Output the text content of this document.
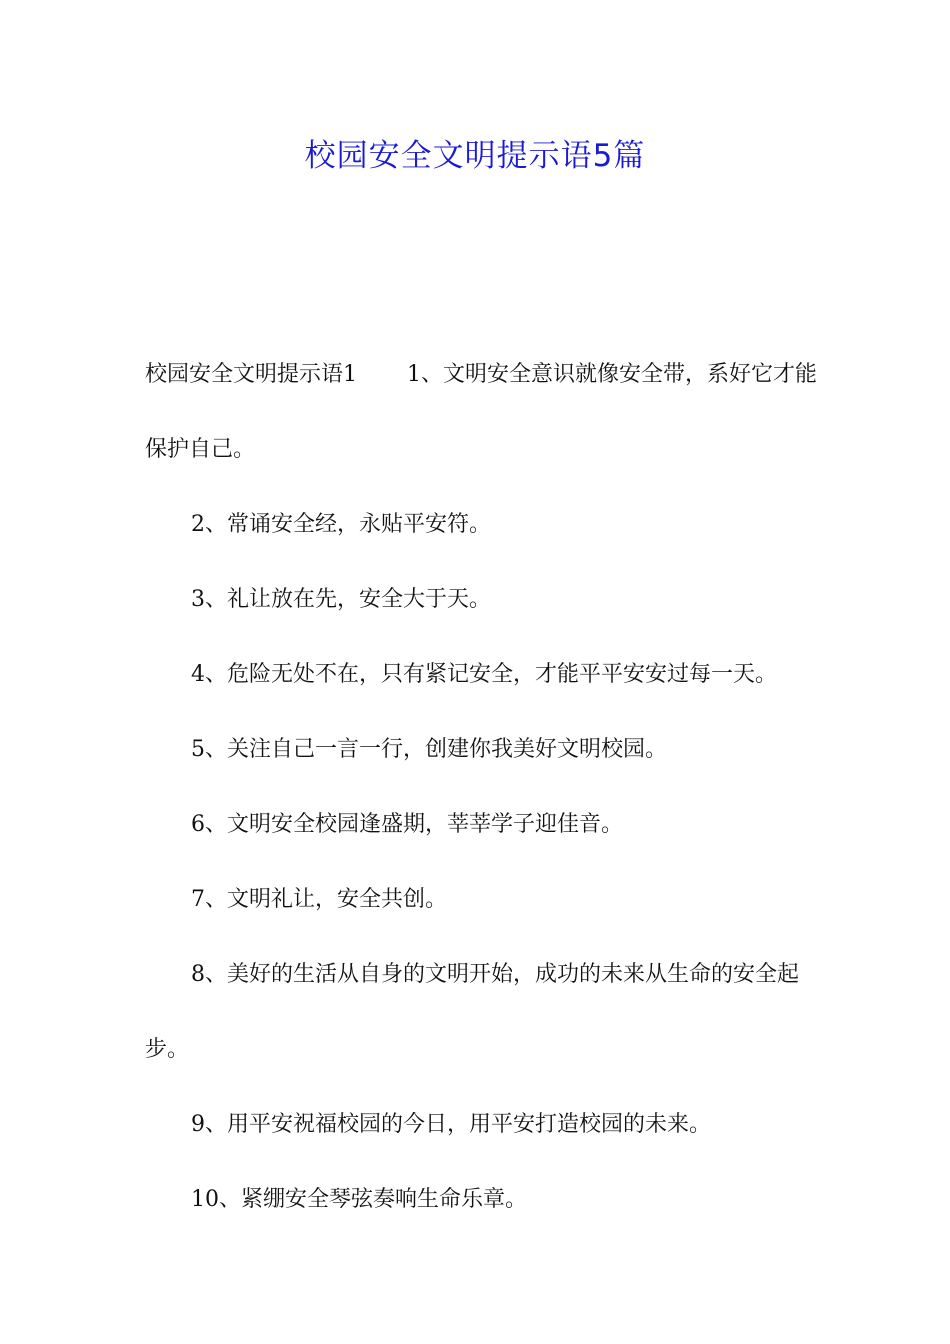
校园安全文明提示语5篇

校园安全文明提示语1 1、文明安全意识就像安全带，系好它才能保护自己。

2、常诵安全经，永贴平安符。

3、礼让放在先，安全大于天。

4、危险无处不在，只有紧记安全，才能平平安安过每一天。

5、关注自己一言一行，创建你我美好文明校园。

6、文明安全校园逢盛期，莘莘学子迎佳音。

7、文明礼让，安全共创。

8、美好的生活从自身的文明开始，成功的未来从生命的安全起步。

9、用平安祝福校园的今日，用平安打造校园的未来。

10、紧绷安全琴弦奏响生命乐章。
